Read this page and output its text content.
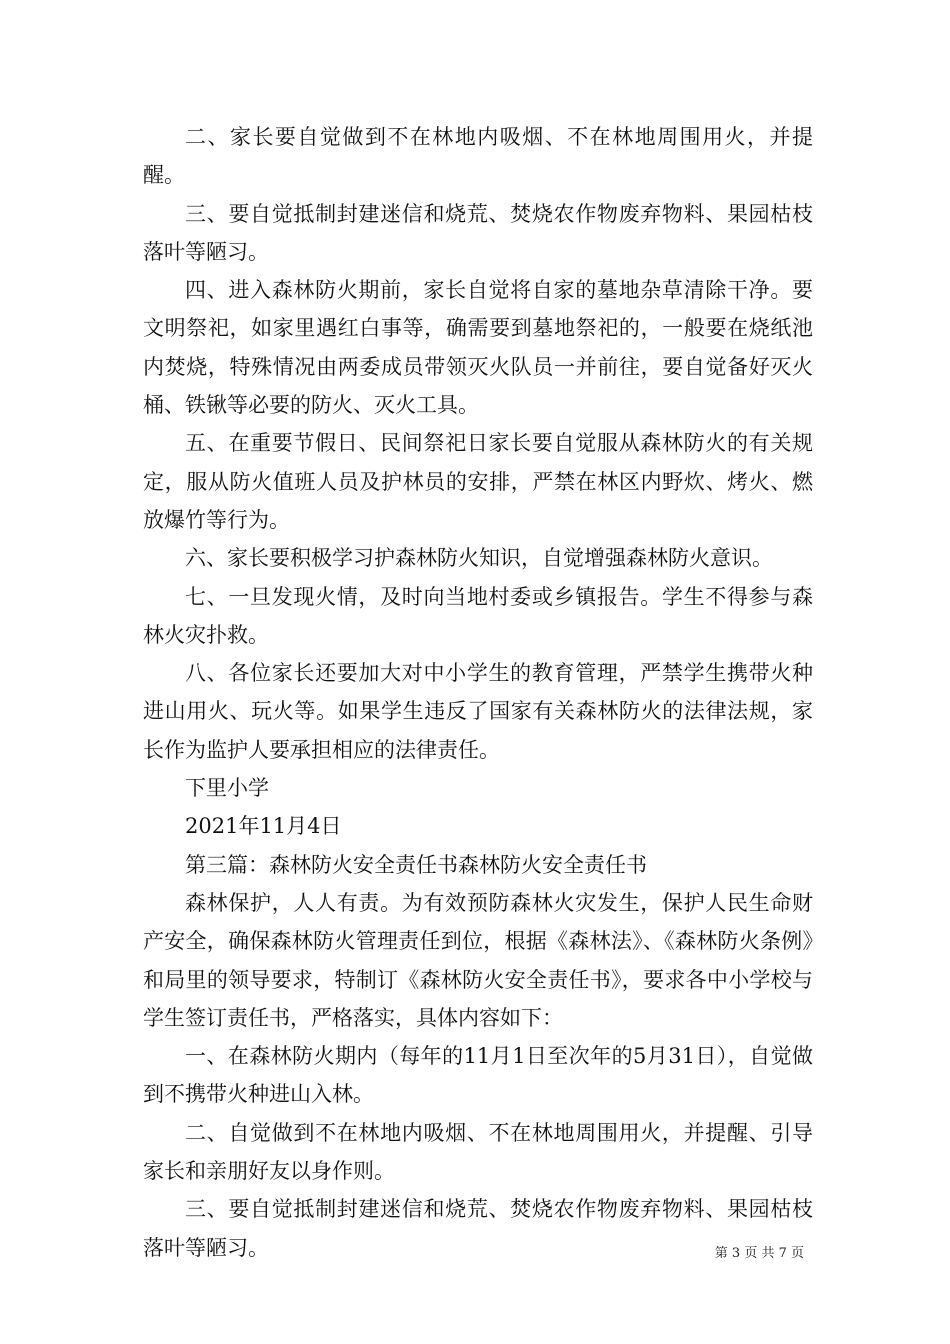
二、家长要自觉做到不在林地内吸烟、不在林地周围用火，并提醒。

三、要自觉抵制封建迷信和烧荒、焚烧农作物废弃物料、果园枯枝落叶等陋习。

四、进入森林防火期前，家长自觉将自家的墓地杂草清除干净。要文明祭祀，如家里遇红白事等，确需要到墓地祭祀的，一般要在烧纸池内焚烧，特殊情况由两委成员带领灭火队员一并前往，要自觉备好灭火桶、铁锹等必要的防火、灭火工具。

五、在重要节假日、民间祭祀日家长要自觉服从森林防火的有关规定，服从防火值班人员及护林员的安排，严禁在林区内野炊、烤火、燃放爆竹等行为。

六、家长要积极学习护森林防火知识，自觉增强森林防火意识。

七、一旦发现火情，及时向当地村委或乡镇报告。学生不得参与森林火灾扑救。

八、各位家长还要加大对中小学生的教育管理，严禁学生携带火种进山用火、玩火等。如果学生违反了国家有关森林防火的法律法规，家长作为监护人要承担相应的法律责任。

下里小学

2021年11月4日

第三篇：森林防火安全责任书森林防火安全责任书

森林保护，人人有责。为有效预防森林火灾发生，保护人民生命财产安全，确保森林防火管理责任到位，根据《森林法》、《森林防火条例》和局里的领导要求，特制订《森林防火安全责任书》，要求各中小学校与学生签订责任书，严格落实，具体内容如下：

一、在森林防火期内（每年的11月1日至次年的5月31日），自觉做到不携带火种进山入林。

二、自觉做到不在林地内吸烟、不在林地周围用火，并提醒、引导家长和亲朋好友以身作则。

三、要自觉抵制封建迷信和烧荒、焚烧农作物废弃物料、果园枯枝落叶等陋习。	第 3 页 共 7 页
